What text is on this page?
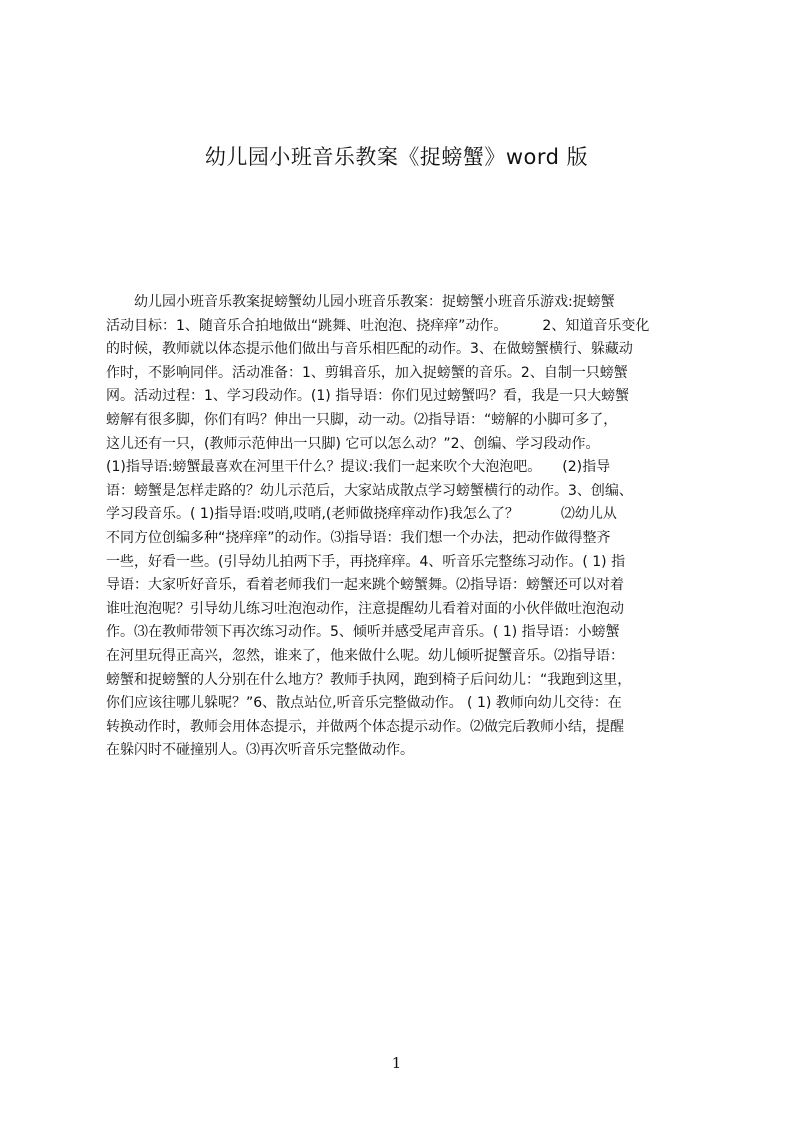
幼儿园小班音乐教案《捉螃蟹》word 版
　　幼儿园小班音乐教案捉螃蟹幼儿园小班音乐教案：捉螃蟹小班音乐游戏:捉螃蟹
活动目标：1、随音乐合拍地做出“跳舞、吐泡泡、挠痒痒”动作。　　　2、知道音乐变化
的时候，教师就以体态提示他们做出与音乐相匹配的动作。3、在做螃蟹横行、躲藏动
作时，不影响同伴。活动准备：1、剪辑音乐，加入捉螃蟹的音乐。2、自制一只螃蟹
网。活动过程：1、学习段动作。(1) 指导语：你们见过螃蟹吗？看，我是一只大螃蟹
螃解有很多脚，你们有吗？伸出一只脚，动一动。⑵指导语：“螃解的小脚可多了，
这儿还有一只，(教师示范伸出一只脚) 它可以怎么动？”2、创编、学习段动作。
(1)指导语:螃蟹最喜欢在河里干什么？提议:我们一起来吹个大泡泡吧。　　(2)指导
语：螃蟹是怎样走路的？幼儿示范后，大家站成散点学习螃蟹横行的动作。3、创编、
学习段音乐。( 1)指导语:哎哨,哎哨,(老师做挠痒痒动作)我怎么了？　　　⑵幼儿从
不同方位创编多种“挠痒痒”的动作。⑶指导语：我们想一个办法，把动作做得整齐
一些，好看一些。(引导幼儿拍两下手，再挠痒痒。4、听音乐完整练习动作。( 1) 指
导语：大家听好音乐，看着老师我们一起来跳个螃蟹舞。⑵指导语：螃蟹还可以对着
谁吐泡泡呢？引导幼儿练习吐泡泡动作，注意提醒幼儿看着对面的小伙伴做吐泡泡动
作。⑶在教师带领下再次练习动作。5、倾听并感受尾声音乐。( 1) 指导语：小螃蟹
在河里玩得正高兴，忽然，谁来了，他来做什么呢。幼儿倾听捉蟹音乐。⑵指导语：
螃蟹和捉螃蟹的人分别在什么地方？教师手执网，跑到椅子后问幼儿：“我跑到这里，
你们应该往哪儿躲呢？”6、散点站位,听音乐完整做动作。 ( 1) 教师向幼儿交待：在
转换动作时，教师会用体态提示，并做两个体态提示动作。⑵做完后教师小结，提醒
在躲闪时不碰撞别人。⑶再次听音乐完整做动作。
1
